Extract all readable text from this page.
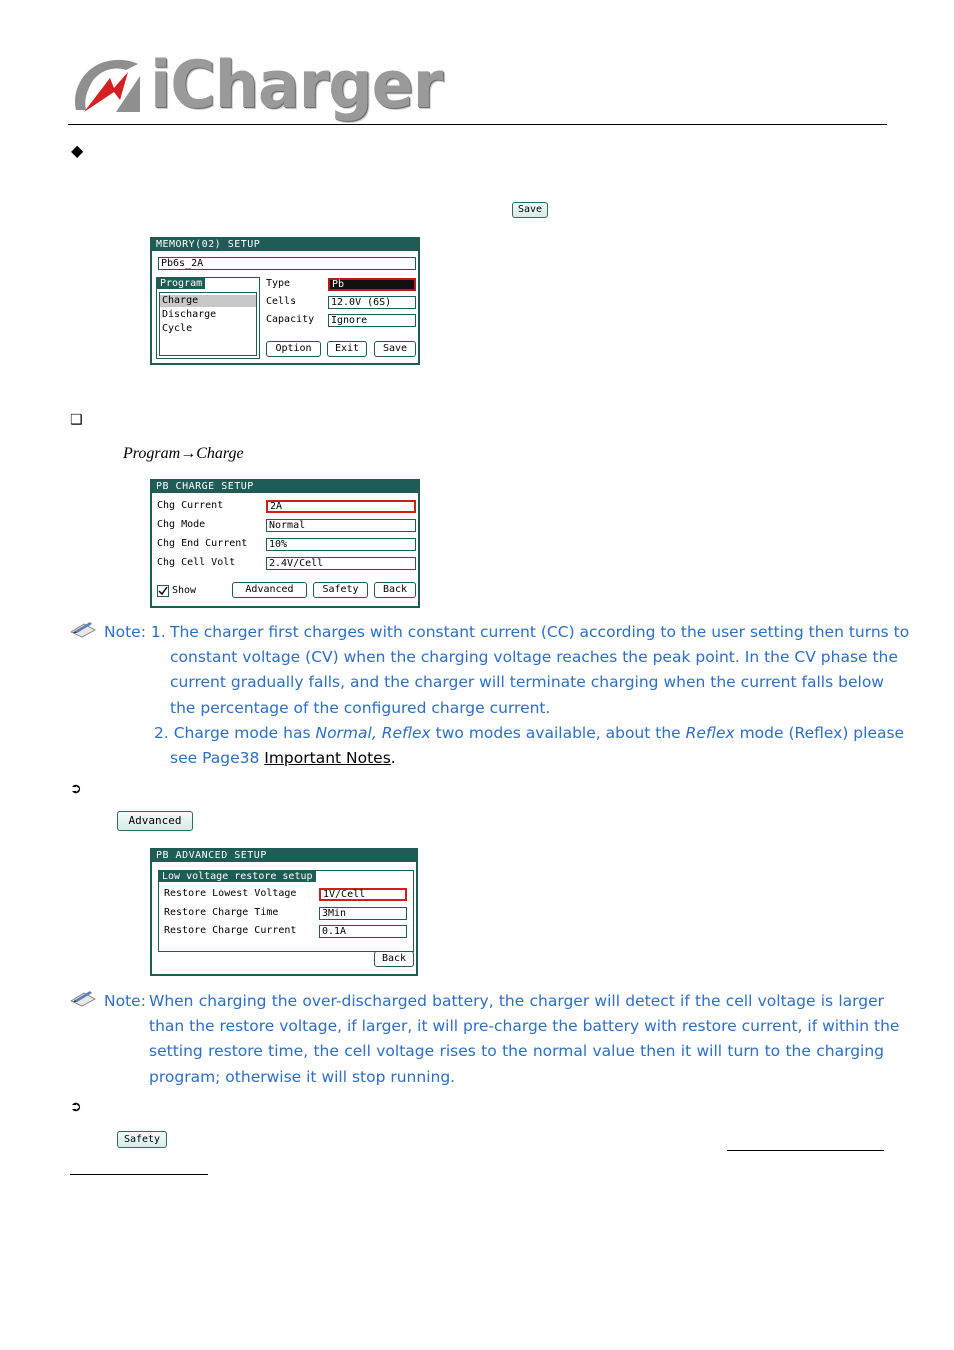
iCharger
◆
Save
MEMORY(02) SETUP
Pb6s_2A
Program
Charge
Discharge
Cycle
Type	Pb
Cells	12.0V (6S)
Capacity	Ignore
Option	Exit	Save
❑
Program→Charge
PB CHARGE SETUP
Chg Current	2A
Chg Mode	Normal
Chg End Current	10%
Chg Cell Volt	2.4V/Cell
Show	Advanced	Safety	Back
Note: 1. The charger first charges with constant current (CC) according to the user setting then turns to
constant voltage (CV) when the charging voltage reaches the peak point. In the CV phase the
current gradually falls, and the charger will terminate charging when the current falls below
the percentage of the configured charge current.
2. Charge mode has Normal, Reflex two modes available, about the Reflex mode (Reflex) please
see Page38 Important Notes.
➲
Advanced
PB ADVANCED SETUP
Low voltage restore setup
Restore Lowest Voltage	1V/Cell
Restore Charge Time	3Min
Restore Charge Current	0.1A
Back
Note: When charging the over-discharged battery, the charger will detect if the cell voltage is larger
than the restore voltage, if larger, it will pre-charge the battery with restore current, if within the
setting restore time, the cell voltage rises to the normal value then it will turn to the charging
program; otherwise it will stop running.
➲
Safety
